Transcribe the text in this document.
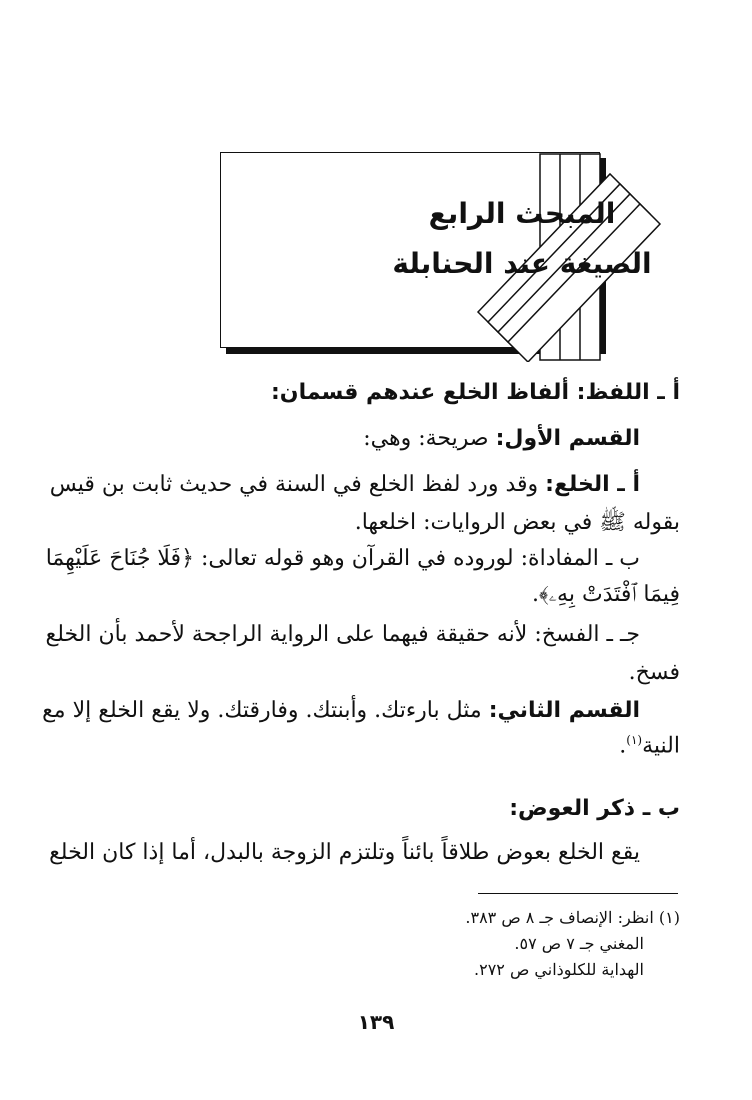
المبحث الرابع
الصيغة عند الحنابلة
أ ـ اللفظ: ألفاظ الخلع عندهم قسمان:
القسم الأول: صريحة: وهي:
أ ـ الخلع: وقد ورد لفظ الخلع في السنة في حديث ثابت بن قيس
بقوله ﷺ في بعض الروايات: اخلعها.
ب ـ المفاداة: لوروده في القرآن وهو قوله تعالى: ﴿فَلَا جُنَاحَ عَلَيْهِمَا
فِيمَا ٱفْتَدَتْ بِهِۦ﴾.
جـ ـ الفسخ: لأنه حقيقة فيهما على الرواية الراجحة لأحمد بأن الخلع
فسخ.
القسم الثاني: مثل بارءتك. وأبنتك. وفارقتك. ولا يقع الخلع إلا مع
النية$^{(١)}$.
ب ـ ذكر العوض:
يقع الخلع بعوض طلاقاً بائناً وتلتزم الزوجة بالبدل، أما إذا كان الخلع
(١) انظر: الإنصاف جـ ٨ ص ٣٨٣.
المغني جـ ٧ ص ٥٧.
الهداية للكلوذاني ص ٢٧٢.
١٣٩
